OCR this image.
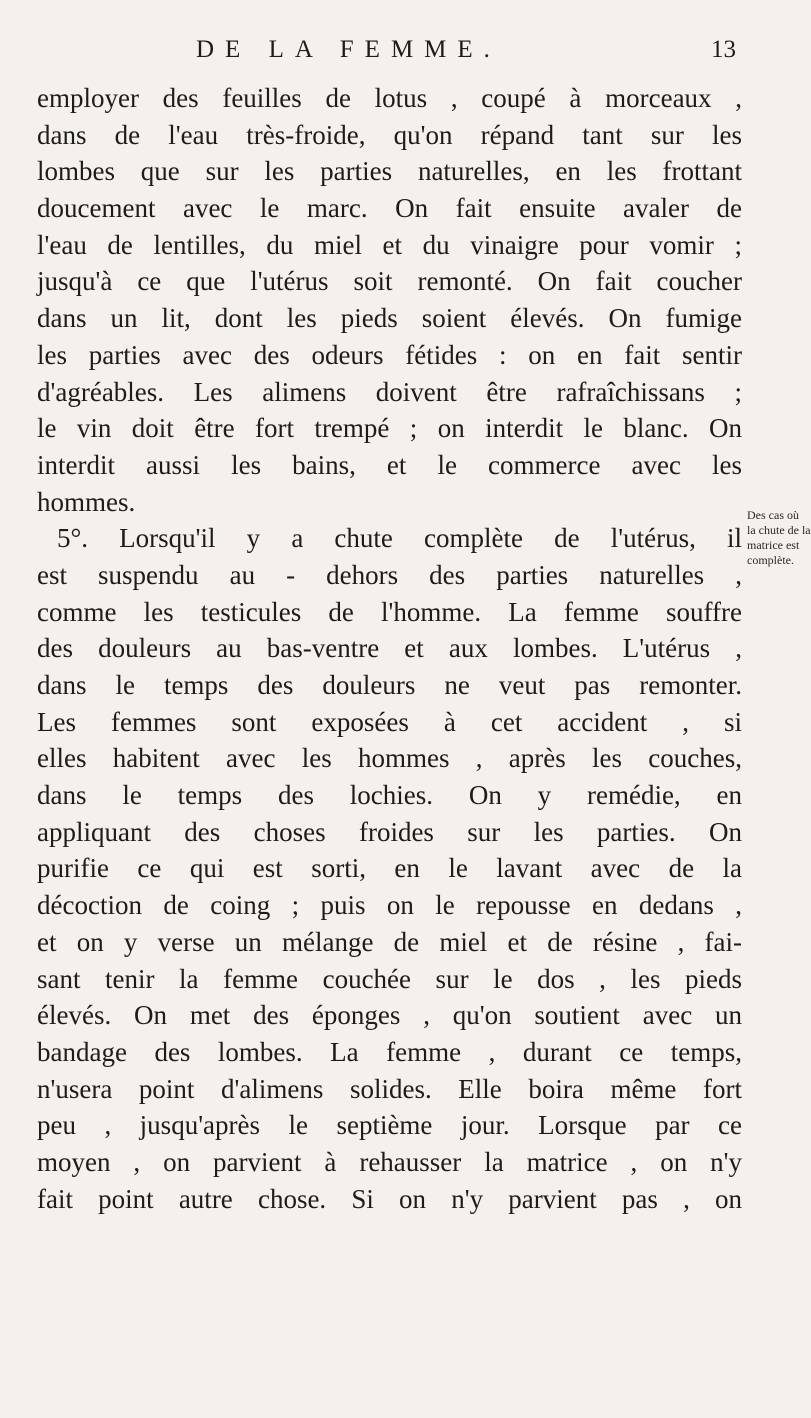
DE LA FEMME.	13
employer des feuilles de lotus , coupé à morceaux ,
dans de l'eau très-froide, qu'on répand tant sur les
lombes que sur les parties naturelles, en les frottant
doucement avec le marc. On fait ensuite avaler de
l'eau de lentilles, du miel et du vinaigre pour vomir ;
jusqu'à ce que l'utérus soit remonté. On fait coucher
dans un lit, dont les pieds soient élevés. On fumige
les parties avec des odeurs fétides : on en fait sentir
d'agréables. Les alimens doivent être rafraîchissans ;
le vin doit être fort trempé ; on interdit le blanc. On
interdit aussi les bains, et le commerce avec les
hommes.
5°. Lorsqu'il y a chute complète de l'utérus, il
est suspendu au - dehors des parties naturelles ,
comme les testicules de l'homme. La femme souffre
des douleurs au bas-ventre et aux lombes. L'utérus ,
dans le temps des douleurs ne veut pas remonter.
Les femmes sont exposées à cet accident , si
elles habitent avec les hommes , après les couches,
dans le temps des lochies. On y remédie, en
appliquant des choses froides sur les parties. On
purifie ce qui est sorti, en le lavant avec de la
décoction de coing ; puis on le repousse en dedans ,
et on y verse un mélange de miel et de résine , fai-
sant tenir la femme couchée sur le dos , les pieds
élevés. On met des éponges , qu'on soutient avec un
bandage des lombes. La femme , durant ce temps,
n'usera point d'alimens solides. Elle boira même fort
peu , jusqu'après le septième jour. Lorsque par ce
moyen , on parvient à rehausser la matrice , on n'y
fait point autre chose. Si on n'y parvient pas , on
Des cas où
la chute de la
matrice est
complète.
